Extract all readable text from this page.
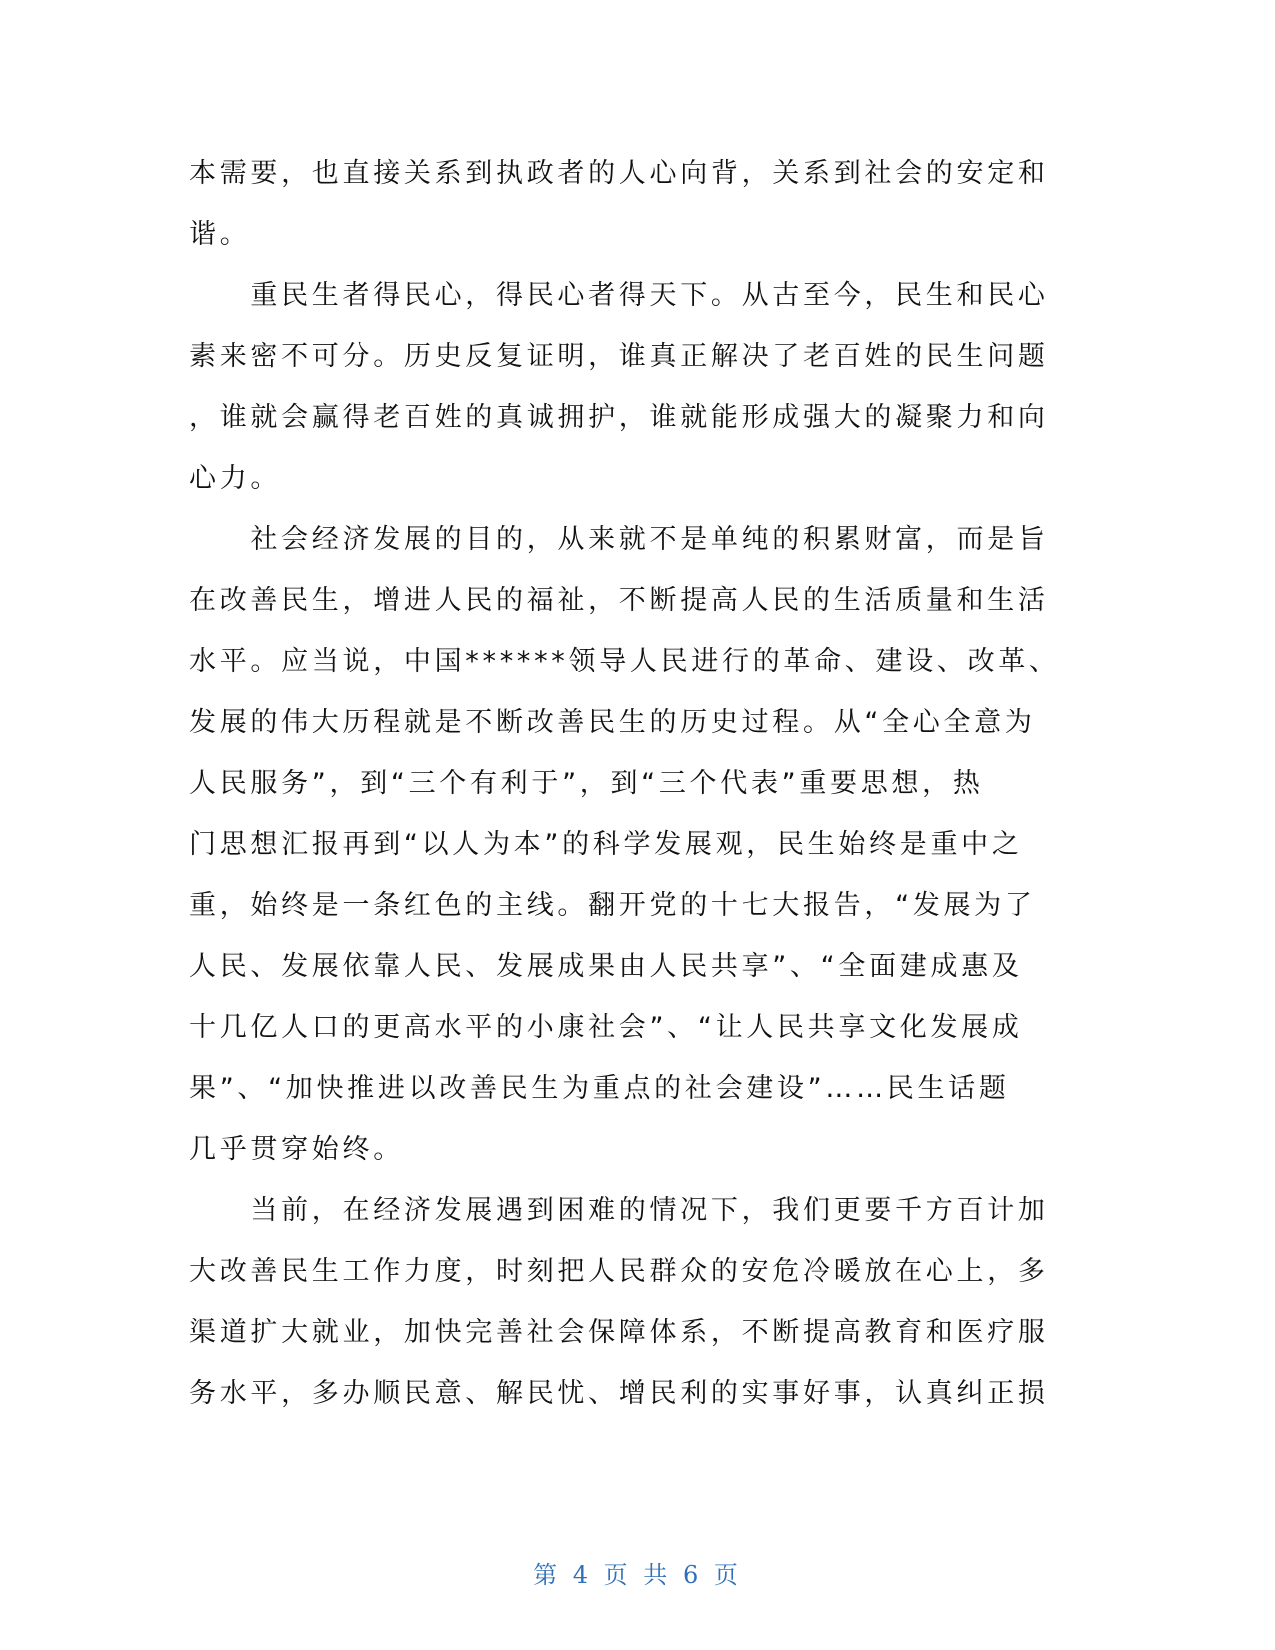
本需要，也直接关系到执政者的人心向背，关系到社会的安定和
谐。
　　重民生者得民心，得民心者得天下。从古至今，民生和民心
素来密不可分。历史反复证明，谁真正解决了老百姓的民生问题
，谁就会赢得老百姓的真诚拥护，谁就能形成强大的凝聚力和向
心力。
　　社会经济发展的目的，从来就不是单纯的积累财富，而是旨
在改善民生，增进人民的福祉，不断提高人民的生活质量和生活
水平。应当说，中国******领导人民进行的革命、建设、改革、
发展的伟大历程就是不断改善民生的历史过程。从“全心全意为
人民服务”，到“三个有利于”，到“三个代表”重要思想，热
门思想汇报再到“以人为本”的科学发展观，民生始终是重中之
重，始终是一条红色的主线。翻开党的十七大报告，“发展为了
人民、发展依靠人民、发展成果由人民共享”、“全面建成惠及
十几亿人口的更高水平的小康社会”、“让人民共享文化发展成
果”、“加快推进以改善民生为重点的社会建设”……民生话题
几乎贯穿始终。
　　当前，在经济发展遇到困难的情况下，我们更要千方百计加
大改善民生工作力度，时刻把人民群众的安危冷暖放在心上，多
渠道扩大就业，加快完善社会保障体系，不断提高教育和医疗服
务水平，多办顺民意、解民忧、增民利的实事好事，认真纠正损
第 4 页 共 6 页
